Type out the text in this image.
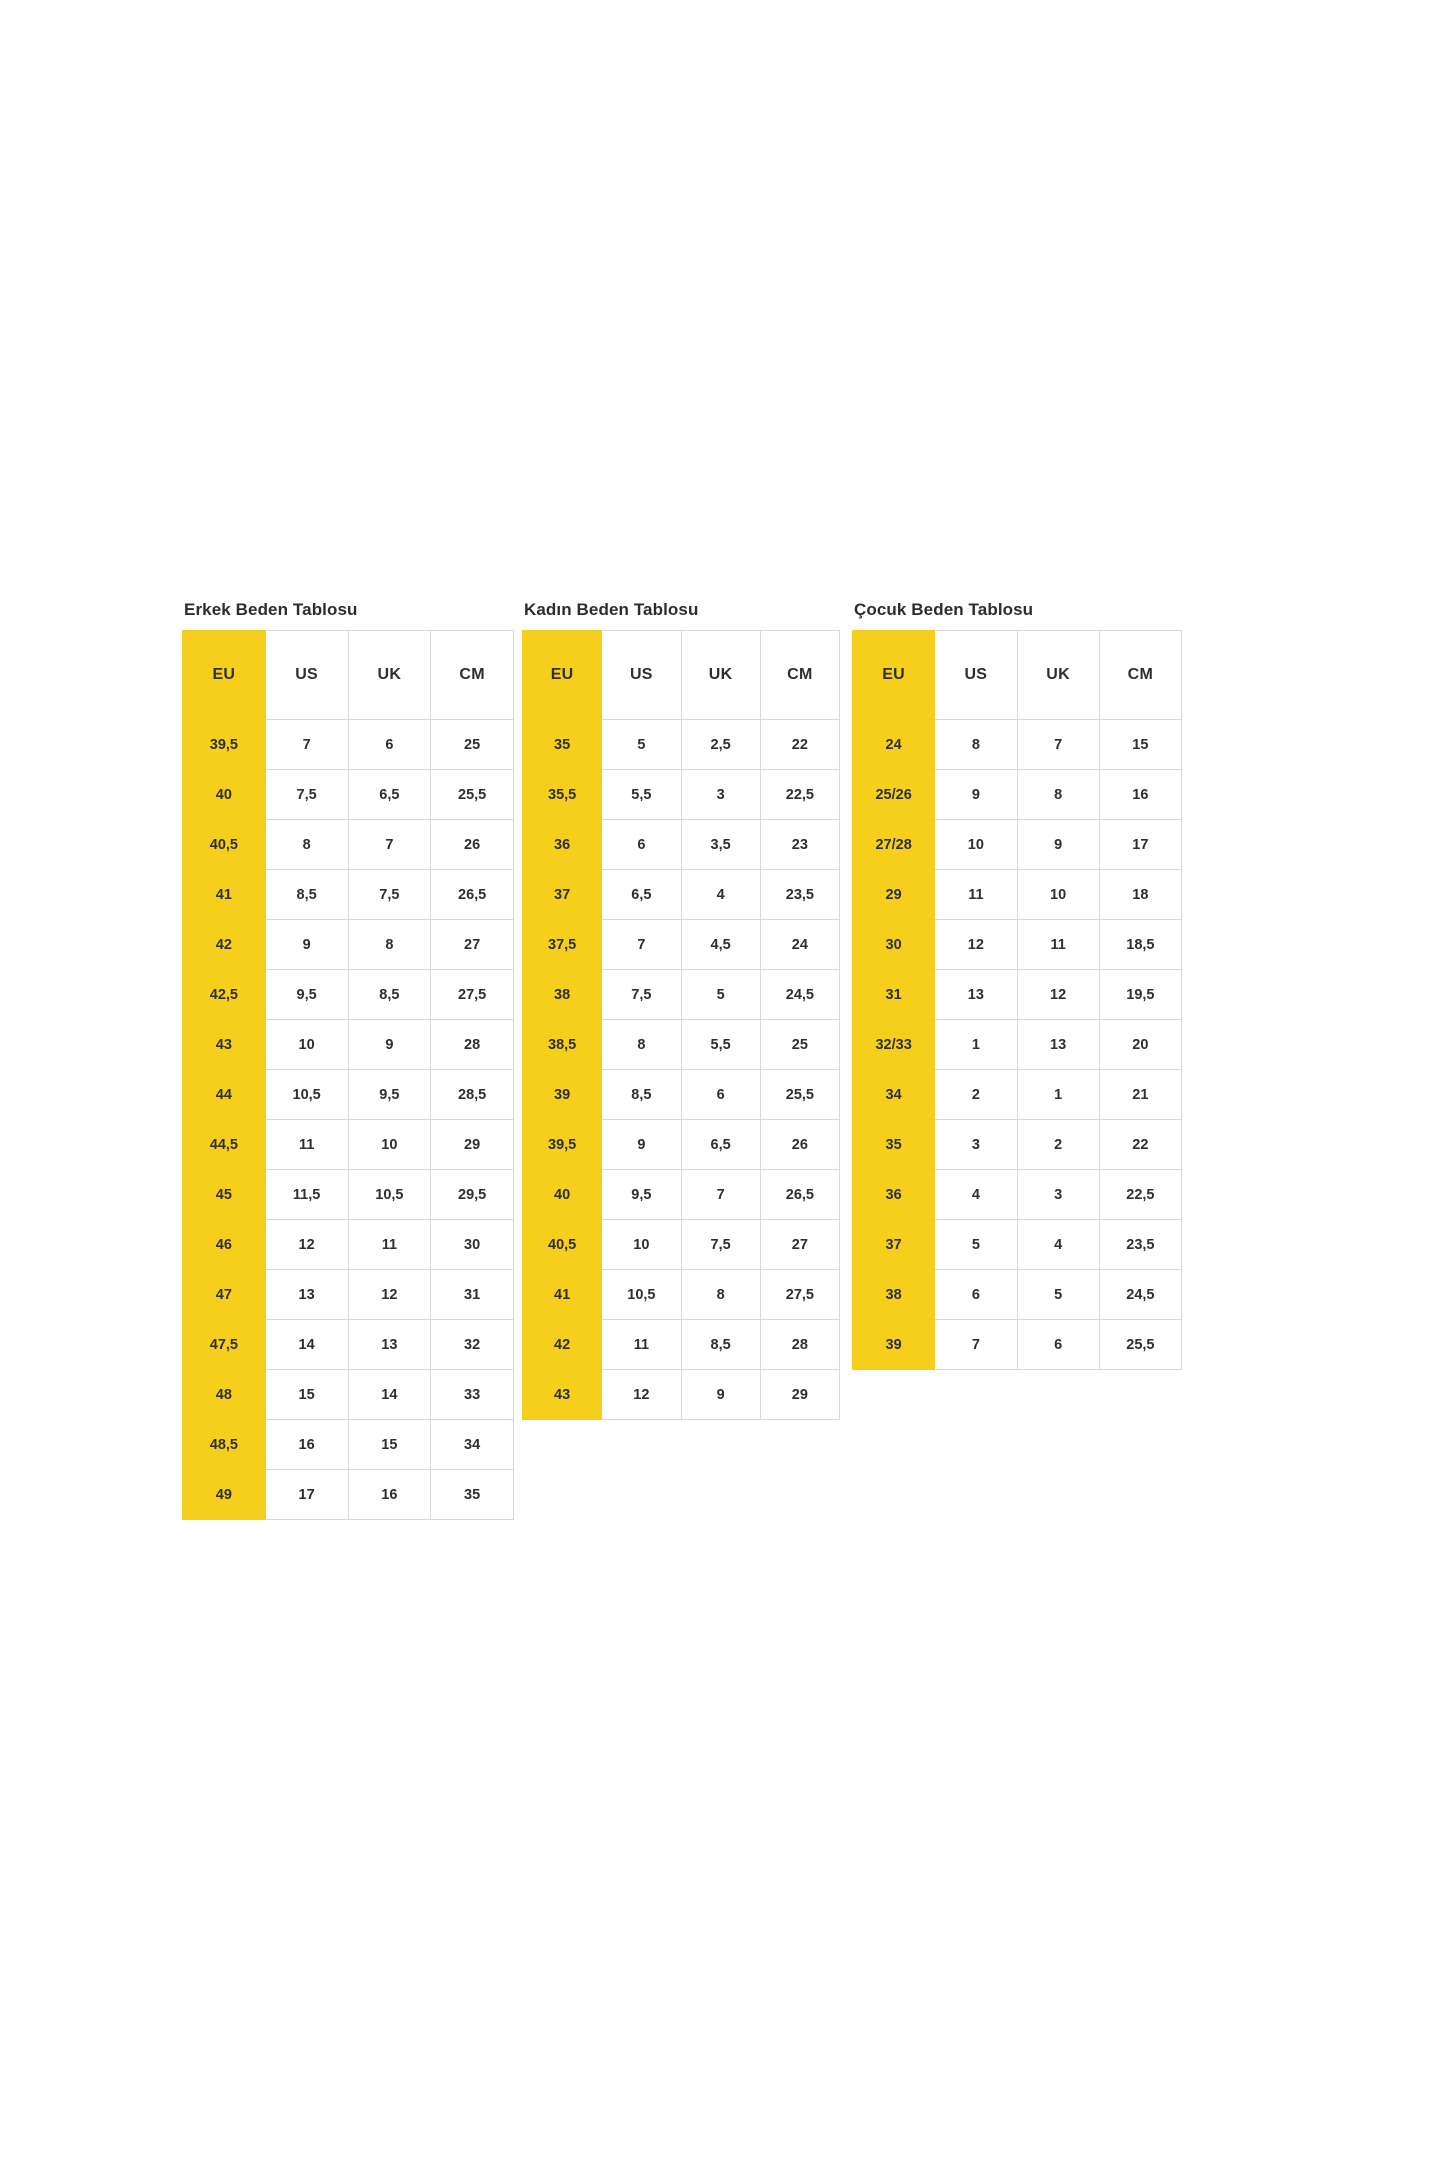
Erkek Beden Tablosu
EU	US	UK	CM
39,5	7	6	25
40	7,5	6,5	25,5
40,5	8	7	26
41	8,5	7,5	26,5
42	9	8	27
42,5	9,5	8,5	27,5
43	10	9	28
44	10,5	9,5	28,5
44,5	11	10	29
45	11,5	10,5	29,5
46	12	11	30
47	13	12	31
47,5	14	13	32
48	15	14	33
48,5	16	15	34
49	17	16	35
Kadın Beden Tablosu
EU	US	UK	CM
35	5	2,5	22
35,5	5,5	3	22,5
36	6	3,5	23
37	6,5	4	23,5
37,5	7	4,5	24
38	7,5	5	24,5
38,5	8	5,5	25
39	8,5	6	25,5
39,5	9	6,5	26
40	9,5	7	26,5
40,5	10	7,5	27
41	10,5	8	27,5
42	11	8,5	28
43	12	9	29
Çocuk Beden Tablosu
EU	US	UK	CM
24	8	7	15
25/26	9	8	16
27/28	10	9	17
29	11	10	18
30	12	11	18,5
31	13	12	19,5
32/33	1	13	20
34	2	1	21
35	3	2	22
36	4	3	22,5
37	5	4	23,5
38	6	5	24,5
39	7	6	25,5
